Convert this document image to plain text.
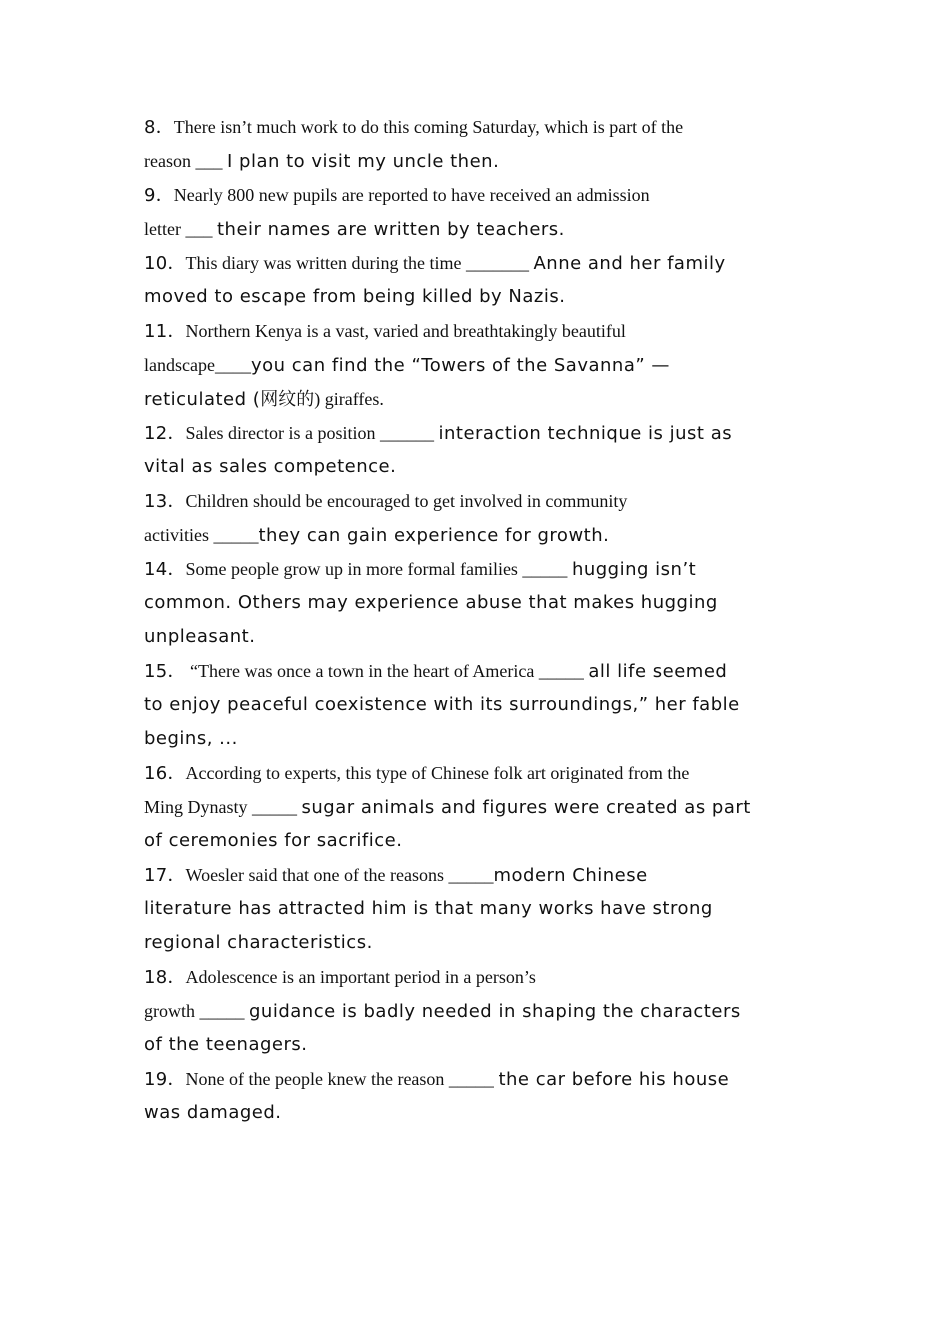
8．There isn’t much work to do this coming Saturday, which is part of the
reason ___ I plan to visit my uncle then.
9．Nearly 800 new pupils are reported to have received an admission
letter ___ their names are written by teachers.
10．This diary was written during the time _______ Anne and her family
moved to escape from being killed by Nazis.
11．Northern Kenya is a vast, varied and breathtakingly beautiful
landscape____you can find the “Towers of the Savanna” —
reticulated (网纹的) giraffes.
12．Sales director is a position ______ interaction technique is just as
vital as sales competence.
13．Children should be encouraged to get involved in community
activities _____they can gain experience for growth.
14．Some people grow up in more formal families _____ hugging isn’t
common. Others may experience abuse that makes hugging
unpleasant.
15． “There was once a town in the heart of America _____ all life seemed
to enjoy peaceful coexistence with its surroundings,” her fable
begins, ...
16．According to experts, this type of Chinese folk art originated from the
Ming Dynasty _____ sugar animals and figures were created as part
of ceremonies for sacrifice.
17．Woesler said that one of the reasons _____modern Chinese
literature has attracted him is that many works have strong
regional characteristics.
18．Adolescence is an important period in a person’s
growth _____ guidance is badly needed in shaping the characters
of the teenagers.
19．None of the people knew the reason _____ the car before his house
was damaged.
